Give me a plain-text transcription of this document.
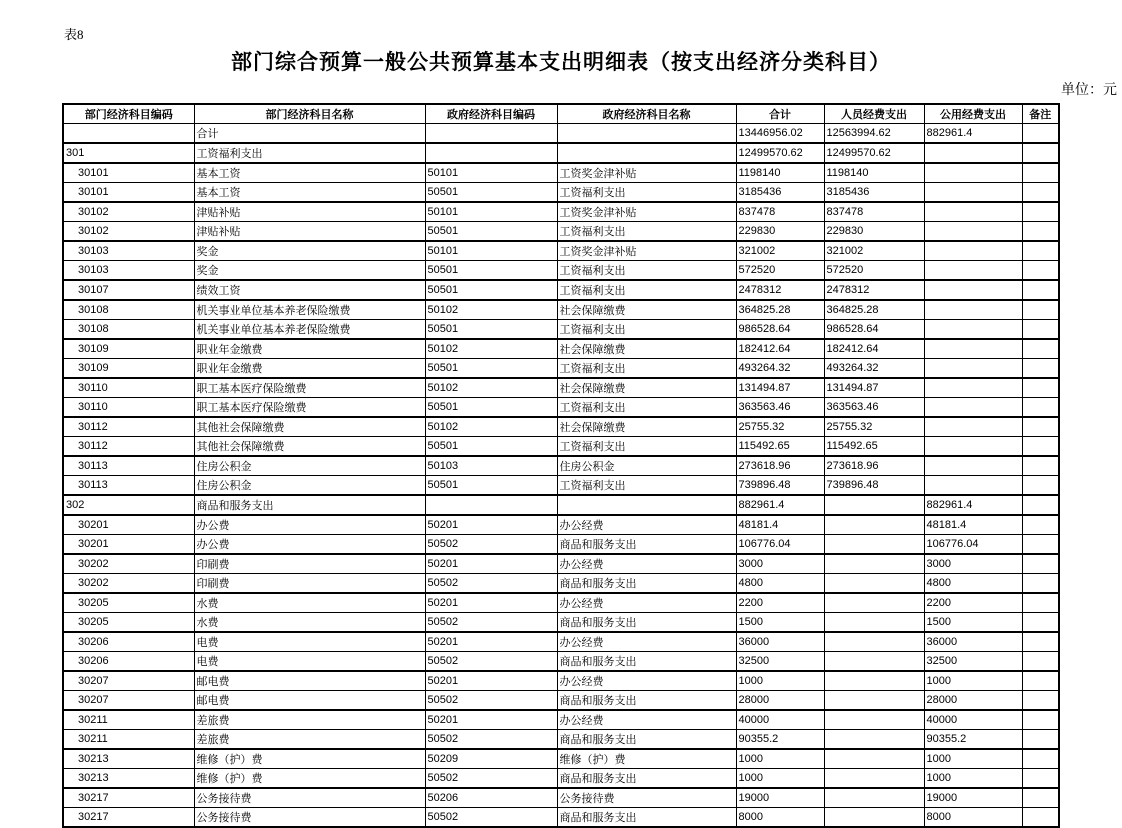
表8
部门综合预算一般公共预算基本支出明细表（按支出经济分类科目）
单位：元
部门经济科目编码	部门经济科目名称	政府经济科目编码	政府经济科目名称	合计	人员经费支出	公用经费支出	备注
	合计			13446956.02	12563994.62	882961.4	
301	工资福利支出			12499570.62	12499570.62		
30101	基本工资	50101	工资奖金津补贴	1198140	1198140		
30101	基本工资	50501	工资福利支出	3185436	3185436		
30102	津贴补贴	50101	工资奖金津补贴	837478	837478		
30102	津贴补贴	50501	工资福利支出	229830	229830		
30103	奖金	50101	工资奖金津补贴	321002	321002		
30103	奖金	50501	工资福利支出	572520	572520		
30107	绩效工资	50501	工资福利支出	2478312	2478312		
30108	机关事业单位基本养老保险缴费	50102	社会保障缴费	364825.28	364825.28		
30108	机关事业单位基本养老保险缴费	50501	工资福利支出	986528.64	986528.64		
30109	职业年金缴费	50102	社会保障缴费	182412.64	182412.64		
30109	职业年金缴费	50501	工资福利支出	493264.32	493264.32		
30110	职工基本医疗保险缴费	50102	社会保障缴费	131494.87	131494.87		
30110	职工基本医疗保险缴费	50501	工资福利支出	363563.46	363563.46		
30112	其他社会保障缴费	50102	社会保障缴费	25755.32	25755.32		
30112	其他社会保障缴费	50501	工资福利支出	115492.65	115492.65		
30113	住房公积金	50103	住房公积金	273618.96	273618.96		
30113	住房公积金	50501	工资福利支出	739896.48	739896.48		
302	商品和服务支出			882961.4		882961.4	
30201	办公费	50201	办公经费	48181.4		48181.4	
30201	办公费	50502	商品和服务支出	106776.04		106776.04	
30202	印刷费	50201	办公经费	3000		3000	
30202	印刷费	50502	商品和服务支出	4800		4800	
30205	水费	50201	办公经费	2200		2200	
30205	水费	50502	商品和服务支出	1500		1500	
30206	电费	50201	办公经费	36000		36000	
30206	电费	50502	商品和服务支出	32500		32500	
30207	邮电费	50201	办公经费	1000		1000	
30207	邮电费	50502	商品和服务支出	28000		28000	
30211	差旅费	50201	办公经费	40000		40000	
30211	差旅费	50502	商品和服务支出	90355.2		90355.2	
30213	维修（护）费	50209	维修（护）费	1000		1000	
30213	维修（护）费	50502	商品和服务支出	1000		1000	
30217	公务接待费	50206	公务接待费	19000		19000	
30217	公务接待费	50502	商品和服务支出	8000		8000	
